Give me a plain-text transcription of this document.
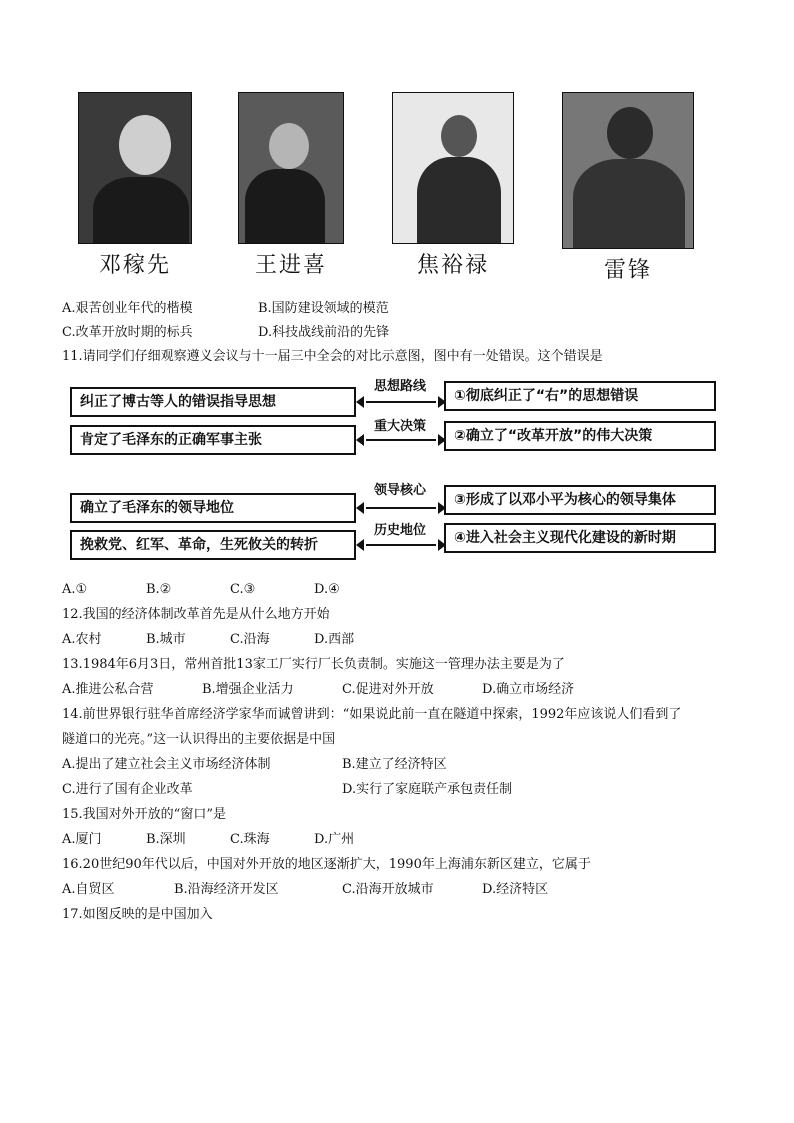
邓稼先	王进喜	焦裕禄	雷锋
A.艰苦创业年代的楷模	B.国防建设领域的模范
C.改革开放时期的标兵	D.科技战线前沿的先锋
11.请同学们仔细观察遵义会议与十一届三中全会的对比示意图，图中有一处错误。这个错误是
纠正了博古等人的错误指导思想
肯定了毛泽东的正确军事主张
确立了毛泽东的领导地位
挽救党、红军、革命，生死攸关的转折
思想路线
重大决策
领导核心
历史地位
①彻底纠正了“右”的思想错误
②确立了“改革开放”的伟大决策
③形成了以邓小平为核心的领导集体
④进入社会主义现代化建设的新时期
A.①	B.②	C.③	D.④
12.我国的经济体制改革首先是从什么地方开始
A.农村	B.城市	C.沿海	D.西部
13.1984年6月3日，常州首批13家工厂实行厂长负责制。实施这一管理办法主要是为了
A.推进公私合营	B.增强企业活力	C.促进对外开放	D.确立市场经济
14.前世界银行驻华首席经济学家华而诚曾讲到：“如果说此前一直在隧道中探索，1992年应该说人们看到了
隧道口的光亮。”这一认识得出的主要依据是中国
A.提出了建立社会主义市场经济体制	B.建立了经济特区
C.进行了国有企业改革	D.实行了家庭联产承包责任制
15.我国对外开放的“窗口”是
A.厦门	B.深圳	C.珠海	D.广州
16.20世纪90年代以后，中国对外开放的地区逐渐扩大，1990年上海浦东新区建立，它属于
A.自贸区	B.沿海经济开发区	C.沿海开放城市	D.经济特区
17.如图反映的是中国加入
